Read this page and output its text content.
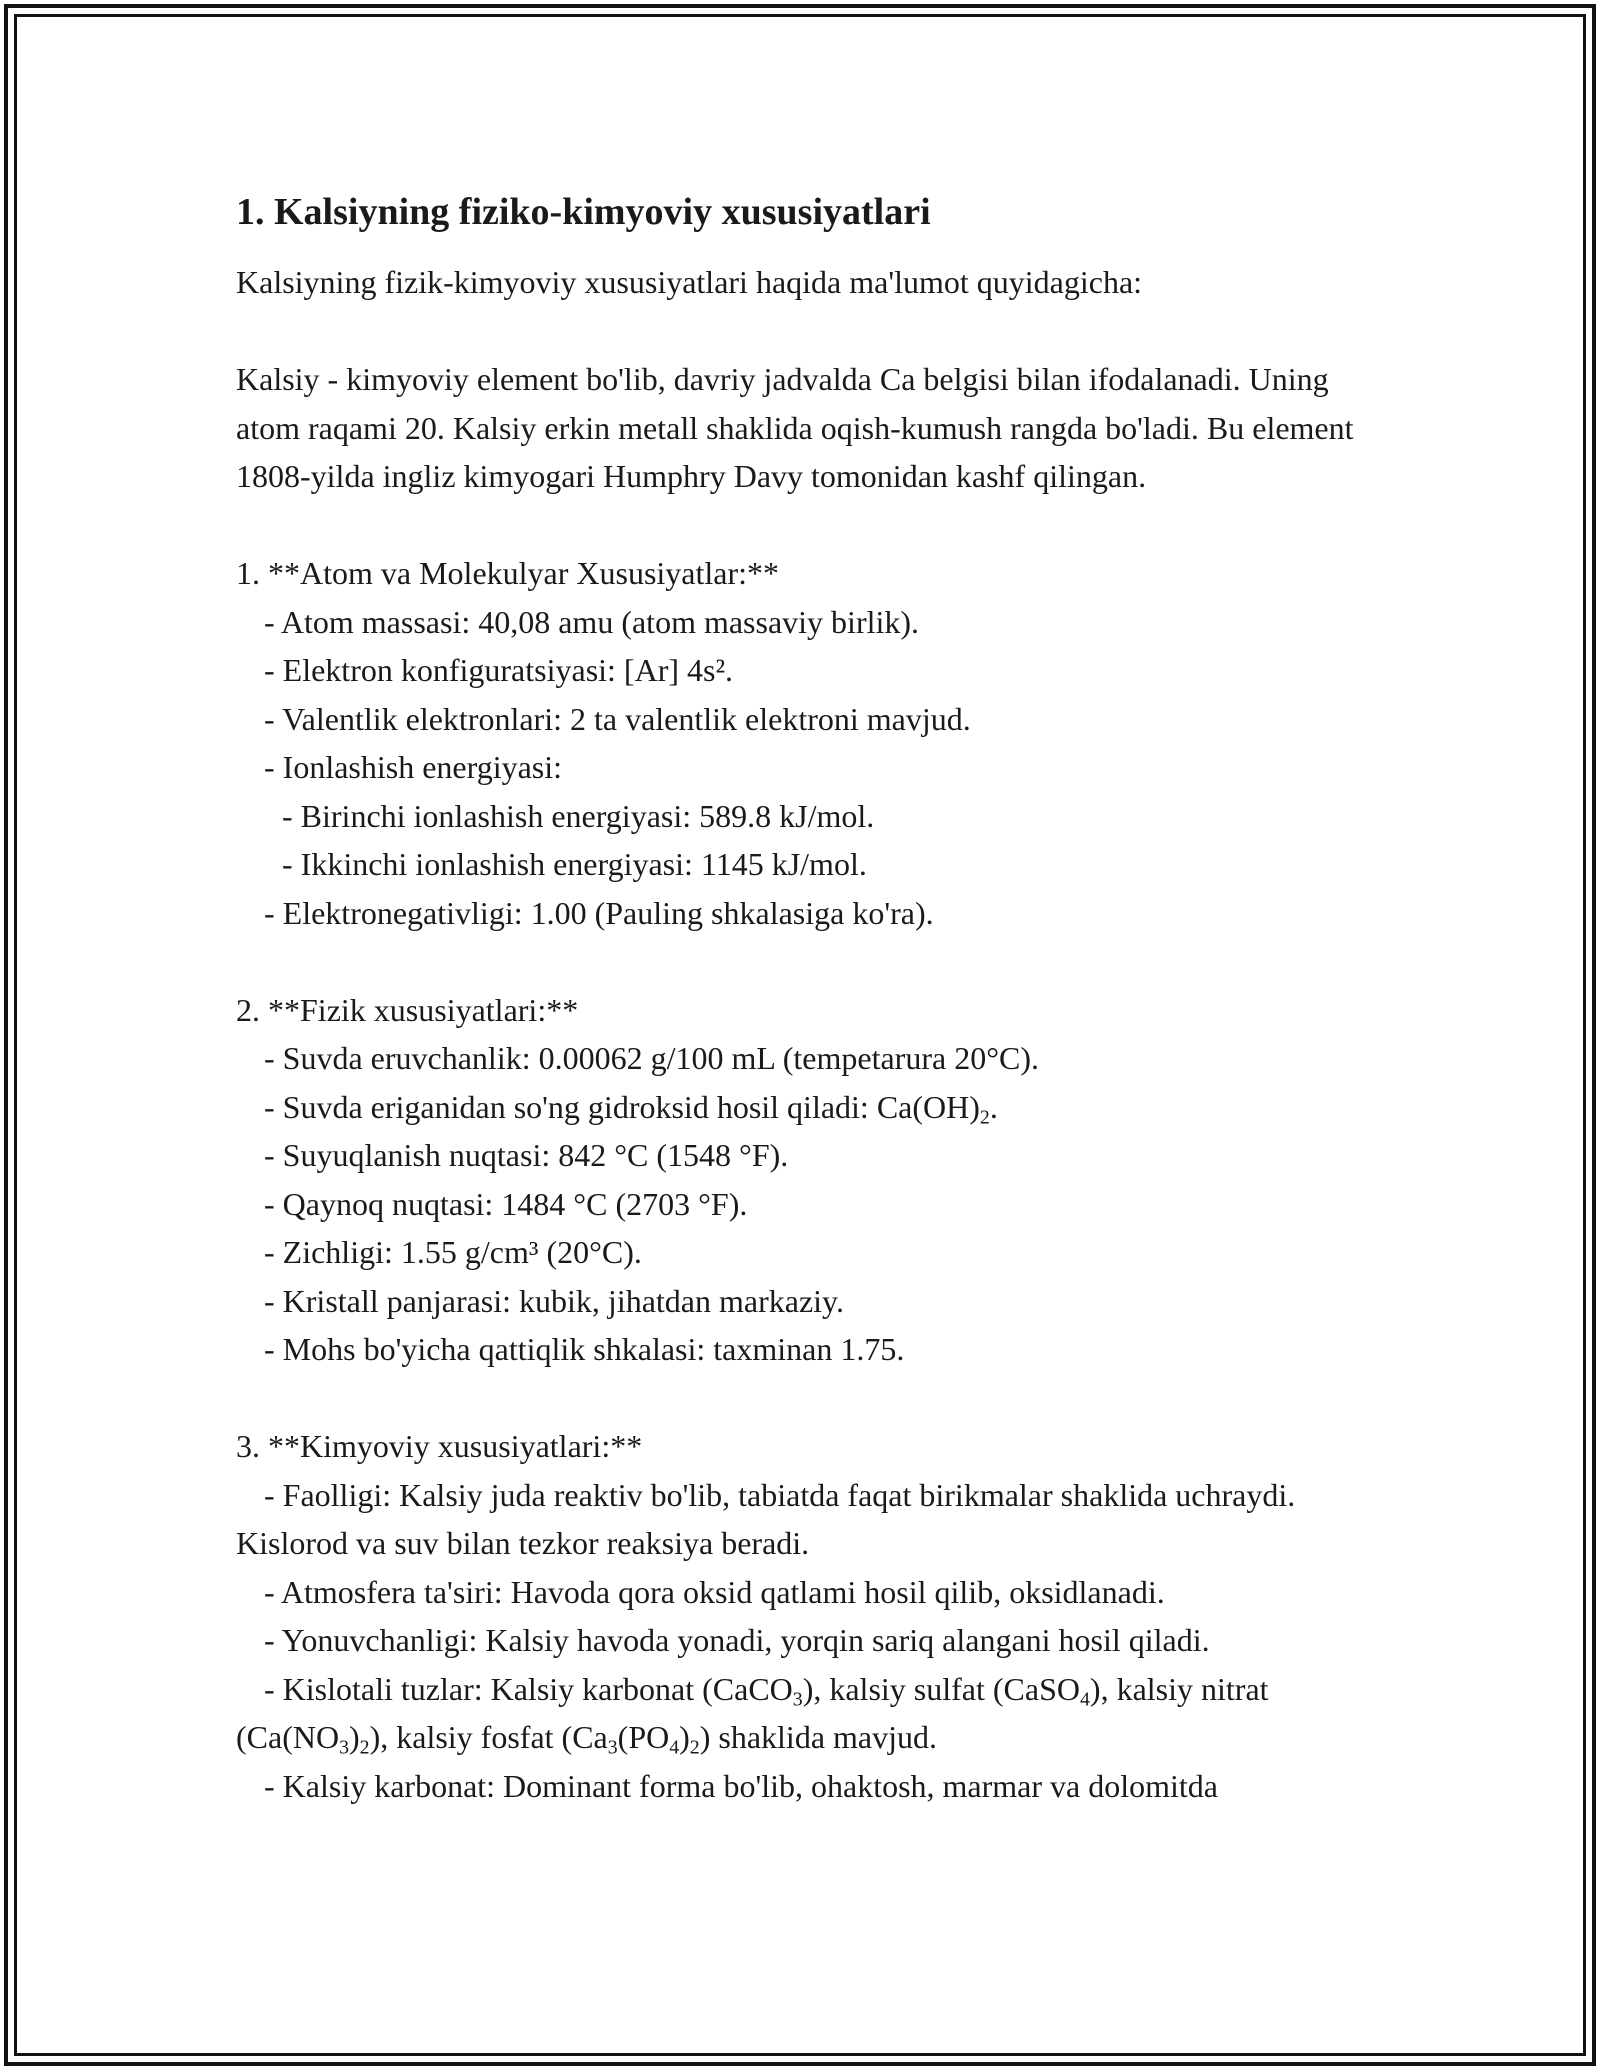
1. Kalsiyning fiziko-kimyoviy xususiyatlari

Kalsiyning fizik-kimyoviy xususiyatlari haqida ma'lumot quyidagicha:

Kalsiy - kimyoviy element bo'lib, davriy jadvalda Ca belgisi bilan ifodalanadi. Uning atom raqami 20. Kalsiy erkin metall shaklida oqish-kumush rangda bo'ladi. Bu element 1808-yilda ingliz kimyogari Humphry Davy tomonidan kashf qilingan.

1. **Atom va Molekulyar Xususiyatlar:**

- Atom massasi: 40,08 amu (atom massaviy birlik).

- Elektron konfiguratsiyasi: [Ar] 4s².

- Valentlik elektronlari: 2 ta valentlik elektroni mavjud.

- Ionlashish energiyasi:

- Birinchi ionlashish energiyasi: 589.8 kJ/mol.

- Ikkinchi ionlashish energiyasi: 1145 kJ/mol.

- Elektronegativligi: 1.00 (Pauling shkalasiga ko'ra).

2. **Fizik xususiyatlari:**

- Suvda eruvchanlik: 0.00062 g/100 mL (tempetarura 20°C).

- Suvda eriganidan so'ng gidroksid hosil qiladi: $Ca(OH)_2$.

- Suyuqlanish nuqtasi: 842 °C (1548 °F).

- Qaynoq nuqtasi: 1484 °C (2703 °F).

- Zichligi: 1.55 g/cm³ (20°C).

- Kristall panjarasi: kubik, jihatdan markaziy.

- Mohs bo'yicha qattiqlik shkalasi: taxminan 1.75.

3. **Kimyoviy xususiyatlari:**

- Faolligi: Kalsiy juda reaktiv bo'lib, tabiatda faqat birikmalar shaklida uchraydi. Kislorod va suv bilan tezkor reaksiya beradi.

- Atmosfera ta'siri: Havoda qora oksid qatlami hosil qilib, oksidlanadi.

- Yonuvchanligi: Kalsiy havoda yonadi, yorqin sariq alangani hosil qiladi.

- Kislotali tuzlar: Kalsiy karbonat (CaCO$_3$), kalsiy sulfat (CaSO$_4$), kalsiy nitrat $(Ca(NO_3)_2)$, kalsiy fosfat $(Ca_3(PO_4)_2)$ shaklida mavjud.

- Kalsiy karbonat: Dominant forma bo'lib, ohaktosh, marmar va dolomitda
